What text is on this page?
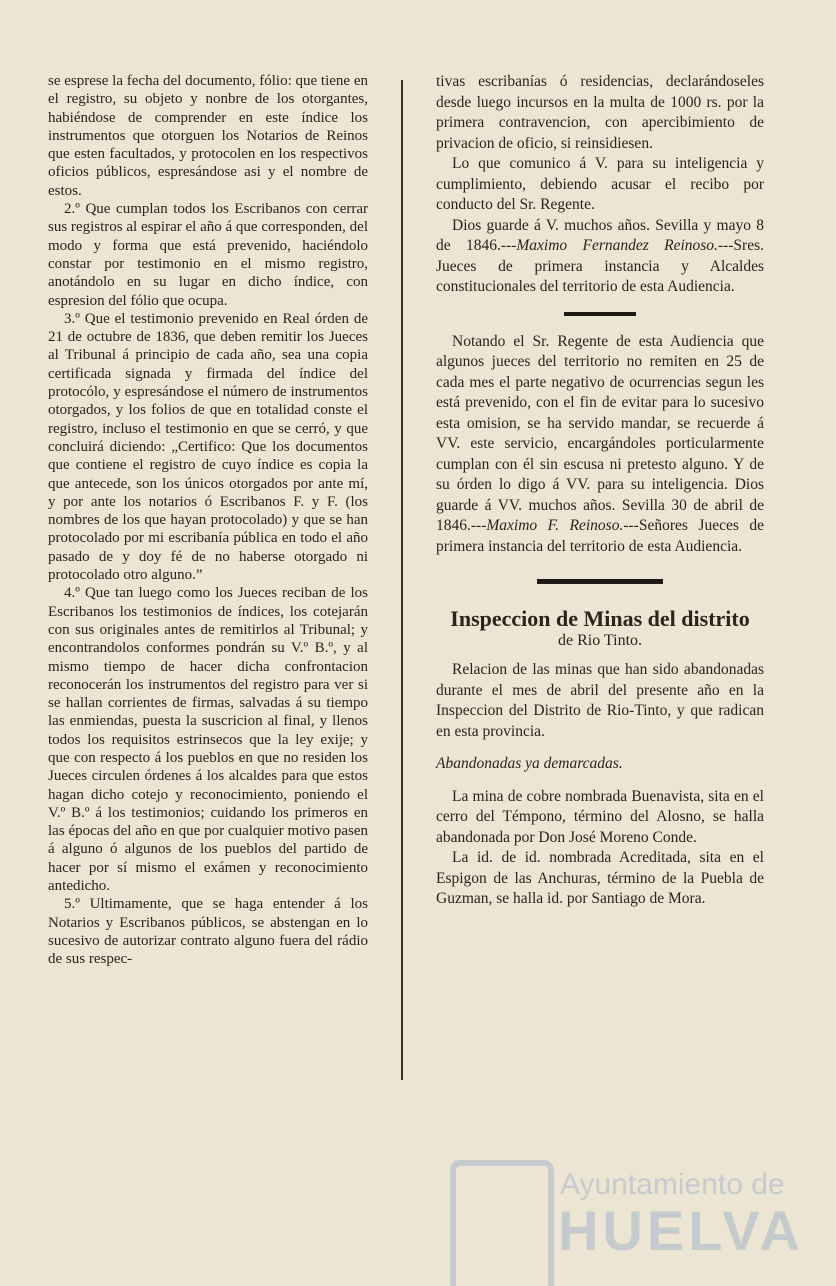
se esprese la fecha del documento, fólio: que tiene en el registro, su objeto y nonbre de los otorgantes, habiéndose de comprender en este índice los instrumentos que otorguen los Notarios de Reinos que esten facultados, y protocolen en los respectivos oficios públicos, espresándose asi y el nombre de estos.

2.º Que cumplan todos los Escribanos con cerrar sus registros al espirar el año á que corresponden, del modo y forma que está prevenido, haciéndolo constar por testimonio en el mismo registro, anotándolo en su lugar en dicho índice, con espresion del fólio que ocupa.

3.º Que el testimonio prevenido en Real órden de 21 de octubre de 1836, que deben remitir los Jueces al Tribunal á principio de cada año, sea una copia certificada signada y firmada del índice del protocólo, y espresándose el número de instrumentos otorgados, y los folios de que en totalidad conste el registro, incluso el testimonio en que se cerró, y que concluirá diciendo: „Certifico: Que los documentos que contiene el registro de cuyo índice es copia la que antecede, son los únicos otorgados por ante mí, y por ante los notarios ó Escribanos F. y F. (los nombres de los que hayan protocolado) y que se han protocolado por mi escribanía pública en todo el año pasado de y doy fé de no haberse otorgado ni protocolado otro alguno.”

4.º Que tan luego como los Jueces reciban de los Escribanos los testimonios de índices, los cotejarán con sus originales antes de remitirlos al Tribunal; y encontrandolos conformes pondrán su V.º B.º, y al mismo tiempo de hacer dicha confrontacion reconocerán los instrumentos del registro para ver si se hallan corrientes de firmas, salvadas á su tiempo las enmiendas, puesta la suscricion al final, y llenos todos los requisitos estrinsecos que la ley exije; y que con respecto á los pueblos en que no residen los Jueces circulen órdenes á los alcaldes para que estos hagan dicho cotejo y reconocimiento, poniendo el V.º B.º á los testimonios; cuidando los primeros en las épocas del año en que por cualquier motivo pasen á alguno ó algunos de los pueblos del partido de hacer por sí mismo el exámen y reconocimiento antedicho.

5.º Ultimamente, que se haga entender á los Notarios y Escribanos públicos, se abstengan en lo sucesivo de autorizar contrato alguno fuera del rádio de sus respec-

tivas escribanías ó residencias, declarándoseles desde luego incursos en la multa de 1000 rs. por la primera contravencion, con apercibimiento de privacion de oficio, si reinsidiesen.

Lo que comunico á V. para su inteligencia y cumplimiento, debiendo acusar el recibo por conducto del Sr. Regente.

Dios guarde á V. muchos años. Sevilla y mayo 8 de 1846.---Maximo Fernandez Reinoso.---Sres. Jueces de primera instancia y Alcaldes constitucionales del territorio de esta Audiencia.

Notando el Sr. Regente de esta Audiencia que algunos jueces del territorio no remiten en 25 de cada mes el parte negativo de ocurrencias segun les está prevenido, con el fin de evitar para lo sucesivo esta omision, se ha servido mandar, se recuerde á VV. este servicio, encargándoles porticularmente cumplan con él sin escusa ni pretesto alguno. Y de su órden lo digo á VV. para su inteligencia. Dios guarde á VV. muchos años. Sevilla 30 de abril de 1846.---Maximo F. Reinoso.---Señores Jueces de primera instancia del territorio de esta Audiencia.

Inspeccion de Minas del distrito
de Rio Tinto.

Relacion de las minas que han sido abandonadas durante el mes de abril del presente año en la Inspeccion del Distrito de Rio-Tinto, y que radican en esta provincia.

Abandonadas ya demarcadas.

La mina de cobre nombrada Buenavista, sita en el cerro del Témpono, término del Alosno, se halla abandonada por Don José Moreno Conde.

La id. de id. nombrada Acreditada, sita en el Espigon de las Anchuras, término de la Puebla de Guzman, se halla id. por Santiago de Mora.

Ayuntamiento de
HUELVA
